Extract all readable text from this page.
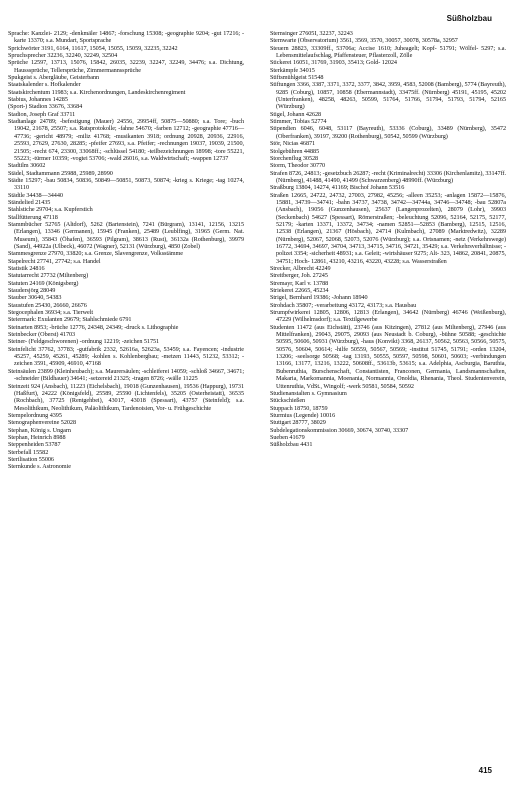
Süßholzbau
Sprache: Kanzlei- 2129; -denkmäler 14867; -forschung 15308; -geographie 9204; -gut 17216; -karte 13370; s.a. Mundart, Sportsprache
Sprichwörter 3191, 6164, 11617, 15054, 15055, 15059, 32235, 32242
Spruchsprecher 32236, 32240, 32249, 32504
Sprüche 12597, 13713, 15076, 15842, 26035, 32239, 32247, 32249, 34476; s.a. Dichtung, Hausssprüche, Tellersprüche, Zimmermannssprüche
Spukgeist s. Abergläube, Geisterbann
Staatskalender s. Hofkalender
Staatskirchentum 11983; s.a. Kirchenordnungen, Landeskirchenregiment
Stabius, Johannes 14285
(Sport-) Stadion 33676, 33684
Stadion, Joseph Graf 33711
Stadtanlage 24789; -befestigung (Mauer) 24556, 29954ff, 50875—50880; s.a. Tore; -buch 19042, 21678, 25507; s.a. Ratsprotokolle; -fahne 54670; -farben 12712; -geographie 47716—47736; -gericht 48979; -miliz 41768; -musikanten 3918; ordnung 20928, 20936, 22916, 25593, 27629, 27630, 28285; -pfeifer 27693, s.a. Pfeifer; -rechnungen 19037, 19039, 21500, 21505; -recht 674, 23300, 33068ff.; -schlüssel 54180; -teilbezeichnungen 18998; -tore 55221, 55223; -türmer 10359; -vogtei 53706; -wald 26016, s.a. Waldwirtschaft; -wappen 12737
Stadtilm 30602
Städel, Stadtammann 25988, 25989, 28990
Städte 15297; -bau 50834, 50836, 50849—50851, 50873, 50874; -krieg s. Kriege; -tag 10274, 33110
Städtle 34438—34440
Ständelied 21435
Stahlstiche 29704; s.a. Kupferstich
Stallfütterung 47118
Stammbücher 52765 (Altdorf), 5262 (Bartenstein), 7241 (Bürgram), 13141, 12156, 13215 (Erlangen), 13346 (Germanen), 15945 (Franken), 25489 (Leublfing), 31965 (Germ. Nat. Museum), 35843 (Öhafen), 36593 (Pilgram), 38613 (Rust), 36132a (Rothenburg), 39979 (Sand), 44922a (Ulbeck), 46072 (Wagner), 52131 (Würzburg), 4850 (Zobel)
Stammesgrenze 27970, 33820; s.a. Grenze, Slavengrenze, Volksstämme
Stapelrecht 27741, 27742; s.a. Handel
Statistik 24816
Statutarrecht 27732 (Miltenberg)
Statuten 24169 (Königsberg)
Staudersjörg 28049
Stauber 30640, 54383
Staustufen 25430, 26660, 26676
Stegocephalen 36934; s.a. Tierwelt
Steiermark: Exulanten 29679; Stahlschmiede 6791
Steinarten 8953; -brüche 12776, 24348, 24349; -druck s. Lithographie
Steinbecker (Oberst) 41703
Steiner- (Feldgeschworenen) -ordnung 12219; -zeichen 51751
Steinfelicht 37762, 37783; -gutfabrik 2332, 52616a, 52623a, 53459; s.a. Fayencen; -industrie 45257, 45259, 45261, 45289; -kohlen s. Kohlenbergbau; -metzen 11443, 51232, 53312; -zeichen 3591, 45909, 46910, 47168
Steinsäulen 23899 (Kleinheubach); s.a. Maurersäulen; -schleiferei 14059; -schloß 34667, 34671; -schneider (Bildhauer) 34641; -setzereid 21325; -tragen 8726; -wälle 11225
Steinzeit 924 (Ansbach), 11223 (Eichelsbach), 19018 (Gunzenhausen), 19536 (Happurg), 19731 (Haßfurt), 24222 (Königsfeld), 25589, 25590 (Lichtenfels), 35205 (Osterheistatt), 36535 (Rochbach), 37725 (Rentgehbei), 43017, 43018 (Spessart), 43757 (Steinfeld); s.a. Mesolithikum, Neolithikum, Paläolithikum, Tardenoisien, Vor- u. Frühgeschichte
Stempelordnung 4395
Stenographenvereine 52028
Stephan, König s. Ungarn
Stephan, Heinrich 8988
Steppenheiden 53787
Sterbefall 15582
Sterilisation 55006
Sternkunde s. Astronomie
Sternsinger 27605I, 32237, 32243
Sternwarte (Observatorium) 3561, 3569, 3570, 30057, 30078, 30578a, 32957
Steuern 28823, 33309ff., 53706a; Accise 1610; Juheagelt; Kopf- 51791; Wölfel- 5297; s.a. Lebensmittelaufschlag, Pfaffensteuer, Pflasterzoll, Zölle
Stickerei 16051, 31769, 31903, 35413; Gold- 12024
Sterkämpfe 34015
Stiftsmühlgeist 51548
Stiftungen 3366, 3387, 3371, 3372, 3377, 3842, 3959, 4583, 52008 (Bamberg), 5774 (Bayreuth), 9285 (Coburg), 10857, 10858 (Ebermannstadt), 33475ff. (Nürnberg) 45191, 45195, 45202 (Unterfranken), 48258, 48263, 50599, 51764, 51766, 51794, 51793, 51794, 52165 (Würzburg)
Stigel, Johann 42628
Stimmer, Tobias 52774
Stipendien 6046, 6048, 53117 (Bayreuth), 53336 (Coburg), 33489 (Nürnberg), 35472 (Oberfranken), 39197, 39200 (Rothenburg), 50542, 50599 (Würzburg)
Stör, Nicias 46871
Stolgebühren 44885
Storchenflug 30528
Storm, Theodor 30770
Strafen 8726, 24813; -gesetzbuch 26287; -recht (Kriminalrecht) 33306 (Kirchenlamitz), 33147ff. (Nürnberg), 41488, 41490, 41499 (Schwarzenberg) 48990ff. (Würzburg)
Straßburg 13804, 14274, 41169; Bischof Johann 53516
Straßen 12665, 24722, 24732, 27003, 27982, 45256; -alleen 35253; -anlagen 15872—15876, 15881, 34739—34741; -bahn 34737, 34738, 34742—34744a, 34746—34748; -bau 52807a (Ansbach), 19056 (Gunzenhausen), 25637 (Langenprozelten), 28079 (Lohr), 39903 (Seckenbach) 54627 (Spessart), Römerstraßen; -beleuchtung 52096, 52164, 52175, 52177, 52179; -karten 13371, 13372, 34734; -namen 52851—52853 (Bamberg), 12515, 12516, 12538 (Erlangen), 21367 (Hösbach), 24714 (Kulmbach), 27089 (Marktredwitz), 32289 (Nürnberg), 52067, 52068, 52073, 52076 (Würzburg); s.a. Ortsnamen; -netz (Verkehrswege) 16772, 34694, 34697, 34704, 34713, 34715, 34716, 34721, 35429; s.a. Verkehrsverhältnisse; -polizei 3354; -sicherheit 48931; s.a. Geleit; -wirtshäuser 9275; Alt- 323, 14862, 20841, 20875, 34751; Hoch- 12861, 43210, 43216, 43220, 43228; s.a. Wasserstraßen
Strecker, Albrecht 42249
Streitberger, Joh. 27245
Stremayr, Karl v. 13788
Striekerei 22665, 45234
Strigel, Bernhard 19386; -Johann 18940
Strohdach 35807; -verarbeitung 43172, 43173; s.a. Hausbau
Strumpfwirkerei 12805, 12806, 12813 (Erlangen), 34642 (Nürnberg) 46746 (Weißenburg), 47229 (Wilhelmsdorf); s.a. Textilgewerbe
Studenten 11472 (aus Eichstätt), 23746 (aus Kitzingen), 27812 (aus Miltenberg), 27946 (aus Mittelfranken), 29043, 29075, 29093 (aus Neustadt b. Coburg), -bühne 50588; -geschichte 50595, 50606, 50931 (Würzburg), -haus (Konvikt) 3368, 26137, 50562, 50563, 50566, 50575, 50576, 50604, 50614; -hilfe 50559, 50567, 50569; -institut 51745, 51791; -orden 13204, 13206; -seelsorge 50568; -tag 13193, 50555, 50597, 50598, 50601, 50603; -verbindungen 13166, 13177, 13216, 13222, 50608ff., 53613b, 53615; s.a. Adelphia, Ascburgia, Baruthia, Bubenruthia, Burschenschaft, Constantisten, Franconen, Germania, Landsmannschaften, Makaria, Markomannia, Moenania, Normannia, Onoldia, Rhenania, Theol. Studentenverein, Uttenruthia, VdSt., Wingolf; -werk 50581, 50584, 50592
Studienanstalten s. Gymnasium
Stückschießen
Stuppach 18750, 18759
Sturmius (Legende) 10016
Stuttgart 28777, 38029
Subdelegationskommission 30669, 30674, 30740, 33307
Sueben 41679
Süßholzbau 4431
415
